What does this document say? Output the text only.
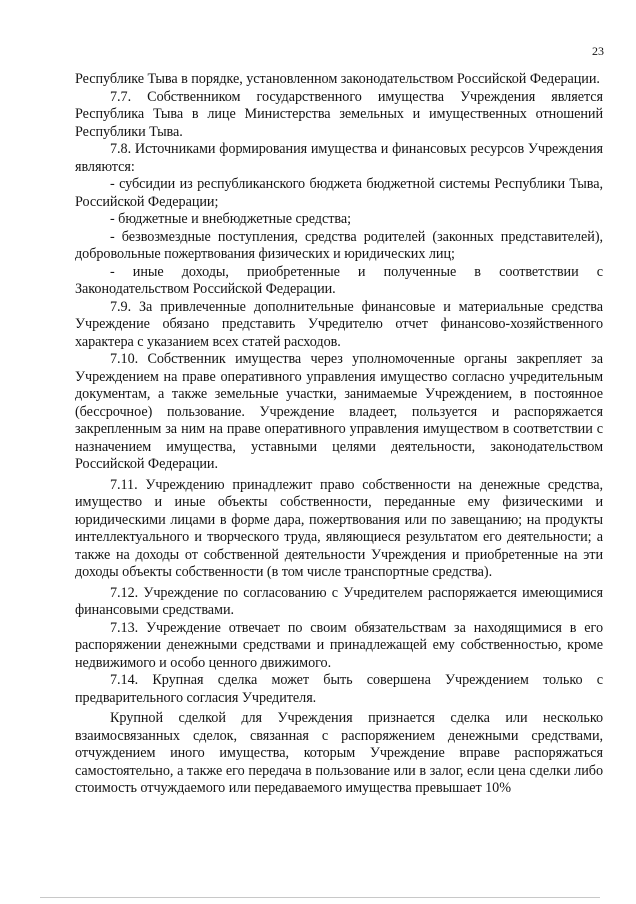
23

Республике Тыва в порядке, установленном законодательством Российской Федерации.

7.7. Собственником государственного имущества Учреждения является Республика Тыва в лице Министерства земельных и имущественных отношений Республики Тыва.

7.8. Источниками формирования имущества и финансовых ресурсов Учреждения являются:

- субсидии из республиканского бюджета бюджетной системы Республики Тыва, Российской Федерации;

- бюджетные и внебюджетные средства;

- безвозмездные поступления, средства родителей (законных представителей), добровольные пожертвования физических и юридических лиц;

- иные доходы, приобретенные и полученные в соответствии с Законодательством Российской Федерации.

7.9. За привлеченные дополнительные финансовые и материальные средства Учреждение обязано представить Учредителю отчет финансово-хозяйственного характера с указанием всех статей расходов.

7.10. Собственник имущества через уполномоченные органы закрепляет за Учреждением на праве оперативного управления имущество согласно учредительным документам, а также земельные участки, занимаемые Учреждением, в постоянное (бессрочное) пользование. Учреждение владеет, пользуется и распоряжается закрепленным за ним на праве оперативного управления имуществом в соответствии с назначением имущества, уставными целями деятельности, законодательством Российской Федерации.

7.11. Учреждению принадлежит право собственности на денежные средства, имущество и иные объекты собственности, переданные ему физическими и юридическими лицами в форме дара, пожертвования или по завещанию; на продукты интеллектуального и творческого труда, являющиеся результатом его деятельности; а также на доходы от собственной деятельности Учреждения и приобретенные на эти доходы объекты собственности (в том числе транспортные средства).

7.12. Учреждение по согласованию с Учредителем распоряжается имеющимися финансовыми средствами.

7.13. Учреждение отвечает по своим обязательствам за находящимися в его распоряжении денежными средствами и принадлежащей ему собственностью, кроме недвижимого и особо ценного движимого.

7.14. Крупная сделка может быть совершена Учреждением только с предварительного согласия Учредителя.

Крупной сделкой для Учреждения признается сделка или несколько взаимосвязанных сделок, связанная с распоряжением денежными средствами, отчуждением иного имущества, которым Учреждение вправе распоряжаться самостоятельно, а также его передача в пользование или в залог, если цена сделки либо стоимость отчуждаемого или передаваемого имущества превышает 10%
